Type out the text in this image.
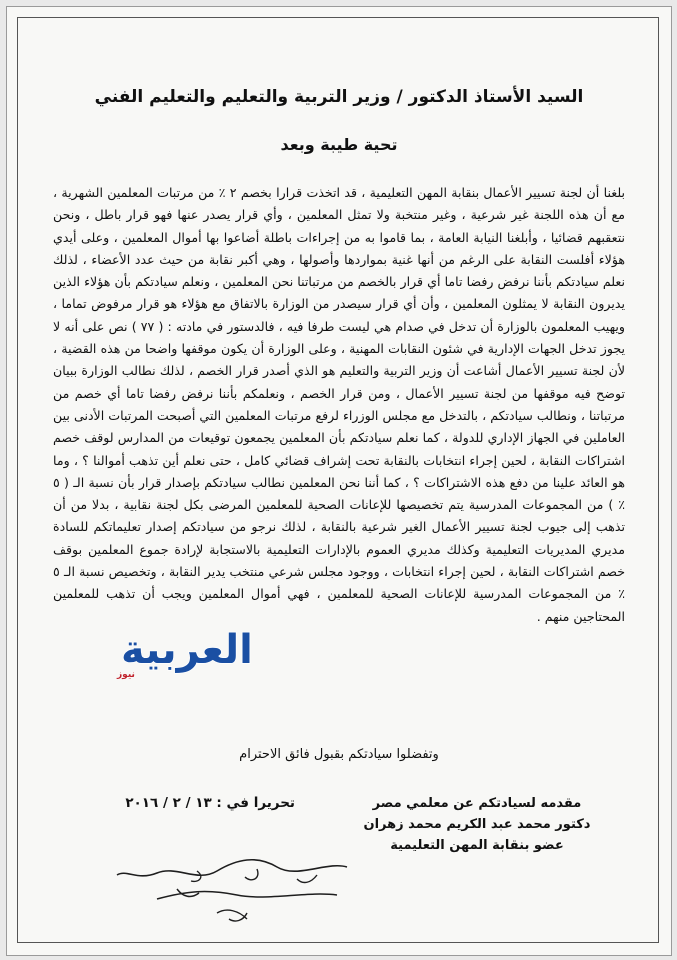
السيد الأستاذ الدكتور / وزير التربية والتعليم والتعليم الفني
تحية طيبة وبعد
بلغنا أن لجنة تسيير الأعمال بنقابة المهن التعليمية ، قد اتخذت قرارا بخصم ٢ ٪ من مرتبات المعلمين الشهرية ، مع أن هذه اللجنة غير شرعية ، وغير منتخبة ولا تمثل المعلمين ، وأي قرار يصدر عنها فهو قرار باطل ، ونحن نتعقبهم قضائيا ، وأبلغنا النيابة العامة ، بما قاموا به من إجراءات باطلة أضاعوا بها أموال المعلمين ، وعلى أيدي هؤلاء أفلست النقابة على الرغم من أنها غنية بمواردها وأصولها ، وهي أكبر نقابة من حيث عدد الأعضاء ، لذلك نعلم سيادتكم بأننا نرفض رفضا تاما أي قرار بالخصم من مرتباتنا نحن المعلمين ، ونعلم سيادتكم بأن هؤلاء الذين يديرون النقابة لا يمثلون المعلمين ، وأن أي قرار سيصدر من الوزارة بالاتفاق مع هؤلاء هو قرار مرفوض تماما ، ويهيب المعلمون بالوزارة أن تدخل في صدام هي ليست طرفا فيه ، فالدستور في مادته : ( ٧٧ ) نص على أنه لا يجوز تدخل الجهات الإدارية في شئون النقابات المهنية ، وعلى الوزارة أن يكون موقفها واضحا من هذه القضية ، لأن لجنة تسيير الأعمال أشاعت أن وزير التربية والتعليم هو الذي أصدر قرار الخصم ، لذلك نطالب الوزارة ببيان توضح فيه موقفها من لجنة تسيير الأعمال ، ومن قرار الخصم ، ونعلمكم بأننا نرفض رفضا تاما أي خصم من مرتباتنا ، ونطالب سيادتكم ، بالتدخل مع مجلس الوزراء لرفع مرتبات المعلمين التي أصبحت المرتبات الأدنى بين العاملين في الجهاز الإداري للدولة ، كما نعلم سيادتكم بأن المعلمين يجمعون توقيعات من المدارس لوقف خصم اشتراكات النقابة ، لحين إجراء انتخابات بالنقابة تحت إشراف قضائي كامل ، حتى نعلم أين تذهب أموالنا ؟ ، وما هو العائد علينا من دفع هذه الاشتراكات ؟ ، كما أننا نحن المعلمين نطالب سيادتكم بإصدار قرار بأن نسبة الـ ( ٥ ٪ ) من المجموعات المدرسية يتم تخصيصها للإعانات الصحية للمعلمين المرضى بكل لجنة نقابية ، بدلا من أن تذهب إلى جيوب لجنة تسيير الأعمال الغير شرعية بالنقابة ، لذلك نرجو من سيادتكم إصدار تعليماتكم للسادة مديري المديريات التعليمية وكذلك مديري العموم بالإدارات التعليمية بالاستجابة لإرادة جموع المعلمين بوقف خصم اشتراكات النقابة ، لحين إجراء انتخابات ، ووجود مجلس شرعي منتخب يدير النقابة ، وتخصيص نسبة الـ ٥ ٪ من المجموعات المدرسية للإعانات الصحية للمعلمين ، فهي أموال المعلمين ويجب أن تذهب للمعلمين المحتاجين منهم .
وتفضلوا سيادتكم بقبول فائق الاحترام
تحريرا في : ١٣ / ٢ / ٢٠١٦	مقدمه لسيادتكم عن معلمي مصر
دكتور محمد عبد الكريم محمد زهران
عضو بنقابة المهن التعليمية
العربية
نيوز
